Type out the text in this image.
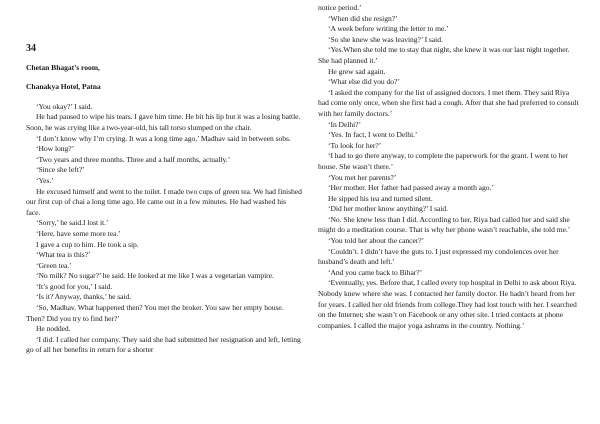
34
Chetan Bhagat’s room,
Chanakya Hotel, Patna

‘You okay?’ I said.

He had paused to wipe his tears. I gave him time. He bit his lip but it was a losing battle. Soon, he was crying like a two-year-old, his tall torso slumped on the chair.

‘I don’t know why I’m crying. It was a long time ago,’ Madhav said in between sobs.

‘How long?’

‘Two years and three months. Three and a half months, actually.’

‘Since she left?’

‘Yes.’

He excused himself and went to the toilet. I made two cups of green tea. We had finished our first cup of chai a long time ago. He came out in a few minutes. He had washed his face.

‘Sorry,’ he said.I lost it.’

‘Here, have some more tea.’

I gave a cup to him. He took a sip.

‘What tea is this?’

‘Green tea.’

‘No milk? No sugar?’ he said. He looked at me like I was a vegetarian vampire.

‘It’s good for you,’ I said.

‘Is it? Anyway, thanks,’ he said.

‘So, Madhav. What happened then? You met the broker. You saw her empty house. Then? Did you try to find her?’

He nodded.

‘I did. I called her company. They said she had submitted her resignation and left, letting go of all her benefits in return for a shorter

notice period.’

‘When did she resign?’

‘A week before writing the letter to me.’

‘So she knew she was leaving?’ I said.

‘Yes.When she told me to stay that night, she knew it was our last night together. She had planned it.’

He grew sad again.

‘What else did you do?’

‘I asked the company for the list of assigned doctors. I met them. They said Riya had come only once, when she first had a cough. After that she had preferred to consult with her family doctors.’

‘In Delhi?’

‘Yes. In fact, I went to Delhi.’

‘To look for her?’

‘I had to go there anyway, to complete the paperwork for the grant. I went to her house. She wasn’t there.’

‘You met her parents?’

‘Her mother. Her father had passed away a month ago.’

He sipped his tea and turned silent.

‘Did her mother know anything?’ I said.

‘No. She knew less than I did. According to her, Riya had called her and said she might do a meditation course. That is why her phone wasn’t reachable, she told me.’

‘You told her about the cancer?’

‘Couldn’t. I didn’t have the guts to. I just expressed my condolences over her husband’s death and left.’

‘And you came back to Bihar?’

‘Eventually, yes. Before that, I called every top hospital in Delhi to ask about Riya. Nobody knew where she was. I contacted her family doctor. He hadn’t heard from her for years. I called her old friends from college.They had lost touch with her. I searched on the Internet; she wasn’t on Facebook or any other site. I tried contacts at phone companies. I called the major yoga ashrams in the country. Nothing.’
